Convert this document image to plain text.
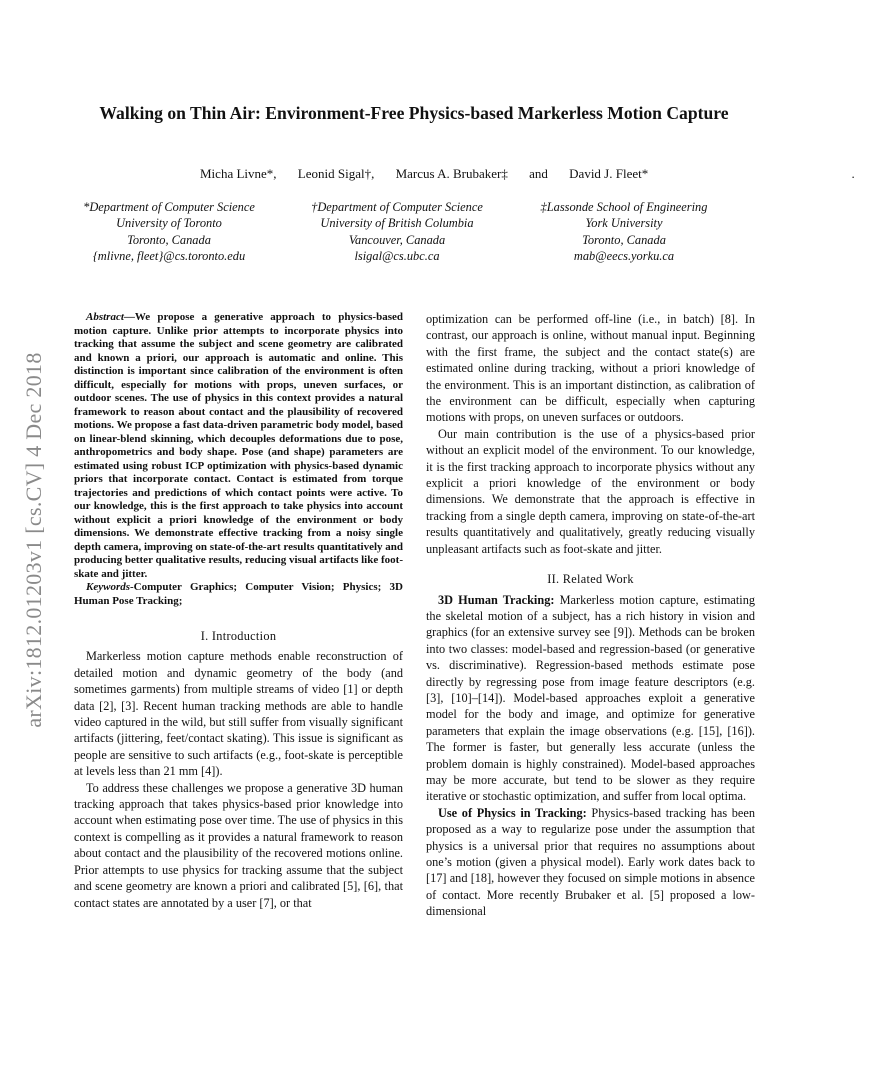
Walking on Thin Air: Environment-Free Physics-based Markerless Motion Capture
Micha Livne*, Leonid Sigal†, Marcus A. Brubaker‡ and David J. Fleet*	.
*Department of Computer Science
University of Toronto
Toronto, Canada
{mlivne, fleet}@cs.toronto.edu
†Department of Computer Science
University of British Columbia
Vancouver, Canada
lsigal@cs.ubc.ca
‡Lassonde School of Engineering
York University
Toronto, Canada
mab@eecs.yorku.ca
arXiv:1812.01203v1 [cs.CV] 4 Dec 2018

Abstract—We propose a generative approach to physics-based motion capture. Unlike prior attempts to incorporate physics into tracking that assume the subject and scene geometry are calibrated and known a priori, our approach is automatic and online. This distinction is important since calibration of the environment is often difficult, especially for motions with props, uneven surfaces, or outdoor scenes. The use of physics in this context provides a natural framework to reason about contact and the plausibility of recovered motions. We propose a fast data-driven parametric body model, based on linear-blend skinning, which decouples deformations due to pose, anthropometrics and body shape. Pose (and shape) parameters are estimated using robust ICP optimization with physics-based dynamic priors that incorporate contact. Contact is estimated from torque trajectories and predictions of which contact points were active. To our knowledge, this is the first approach to take physics into account without explicit a priori knowledge of the environment or body dimensions. We demonstrate effective tracking from a noisy single depth camera, improving on state-of-the-art results quantitatively and producing better qualitative results, reducing visual artifacts like foot-skate and jitter.

Keywords-Computer Graphics; Computer Vision; Physics; 3D Human Pose Tracking;

I. Introduction

Markerless motion capture methods enable reconstruction of detailed motion and dynamic geometry of the body (and sometimes garments) from multiple streams of video [1] or depth data [2], [3]. Recent human tracking methods are able to handle video captured in the wild, but still suffer from visually significant artifacts (jittering, feet/contact skating). This issue is significant as people are sensitive to such artifacts (e.g., foot-skate is perceptible at levels less than 21 mm [4]).

To address these challenges we propose a generative 3D human tracking approach that takes physics-based prior knowledge into account when estimating pose over time. The use of physics in this context is compelling as it provides a natural framework to reason about contact and the plausibility of the recovered motions online. Prior attempts to use physics for tracking assume that the subject and scene geometry are known a priori and calibrated [5], [6], that contact states are annotated by a user [7], or that

optimization can be performed off-line (i.e., in batch) [8]. In contrast, our approach is online, without manual input. Beginning with the first frame, the subject and the contact state(s) are estimated online during tracking, without a priori knowledge of the environment. This is an important distinction, as calibration of the environment can be difficult, especially when capturing motions with props, on uneven surfaces or outdoors.

Our main contribution is the use of a physics-based prior without an explicit model of the environment. To our knowledge, it is the first tracking approach to incorporate physics without any explicit a priori knowledge of the environment or body dimensions. We demonstrate that the approach is effective in tracking from a single depth camera, improving on state-of-the-art results quantitatively and qualitatively, greatly reducing visually unpleasant artifacts such as foot-skate and jitter.

II. Related Work

3D Human Tracking: Markerless motion capture, estimating the skeletal motion of a subject, has a rich history in vision and graphics (for an extensive survey see [9]). Methods can be broken into two classes: model-based and regression-based (or generative vs. discriminative). Regression-based methods estimate pose directly by regressing pose from image feature descriptors (e.g. [3], [10]–[14]). Model-based approaches exploit a generative model for the body and image, and optimize for generative parameters that explain the image observations (e.g. [15], [16]). The former is faster, but generally less accurate (unless the problem domain is highly constrained). Model-based approaches may be more accurate, but tend to be slower as they require iterative or stochastic optimization, and suffer from local optima.

Use of Physics in Tracking: Physics-based tracking has been proposed as a way to regularize pose under the assumption that physics is a universal prior that requires no assumptions about one’s motion (given a physical model). Early work dates back to [17] and [18], however they focused on simple motions in absence of contact. More recently Brubaker et al. [5] proposed a low-dimensional
